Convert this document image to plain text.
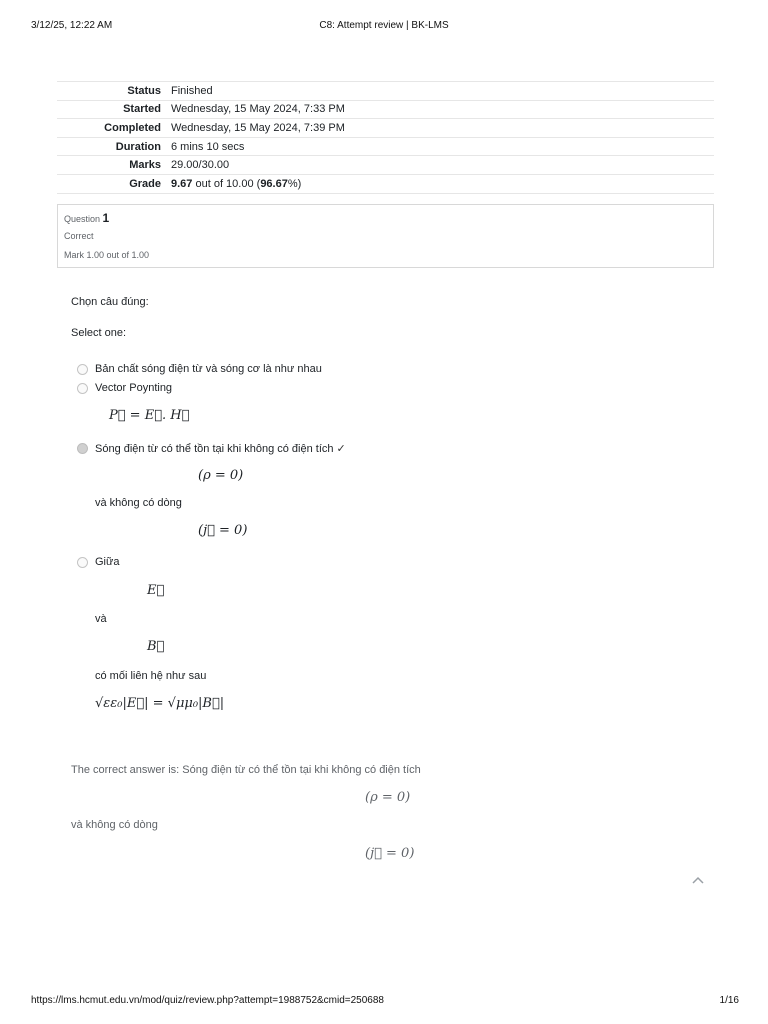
3/12/25, 12:22 AM	C8: Attempt review | BK-LMS
Status	Finished
Started	Wednesday, 15 May 2024, 7:33 PM
Completed	Wednesday, 15 May 2024, 7:39 PM
Duration	6 mins 10 secs
Marks	29.00/30.00
Grade	9.67 out of 10.00 (96.67%)
Question 1
Correct
Mark 1.00 out of 1.00
Chọn câu đúng:
Select one:
Bản chất sóng điện từ và sóng cơ là như nhau
Vector Poynting
P⃗ = E⃗. H⃗
Sóng điện từ có thể tồn tại khi không có điện tích ✓
(ρ = 0)
và không có dòng
(j⃗ = 0)
Giữa
E⃗
và
B⃗
có mối liên hệ như sau
√εε₀|E⃗| = √μμ₀|B⃗|
The correct answer is: Sóng điện từ có thể tồn tại khi không có điện tích
(ρ = 0)
và không có dòng
(j⃗ = 0)
https://lms.hcmut.edu.vn/mod/quiz/review.php?attempt=1988752&cmid=250688	1/16
